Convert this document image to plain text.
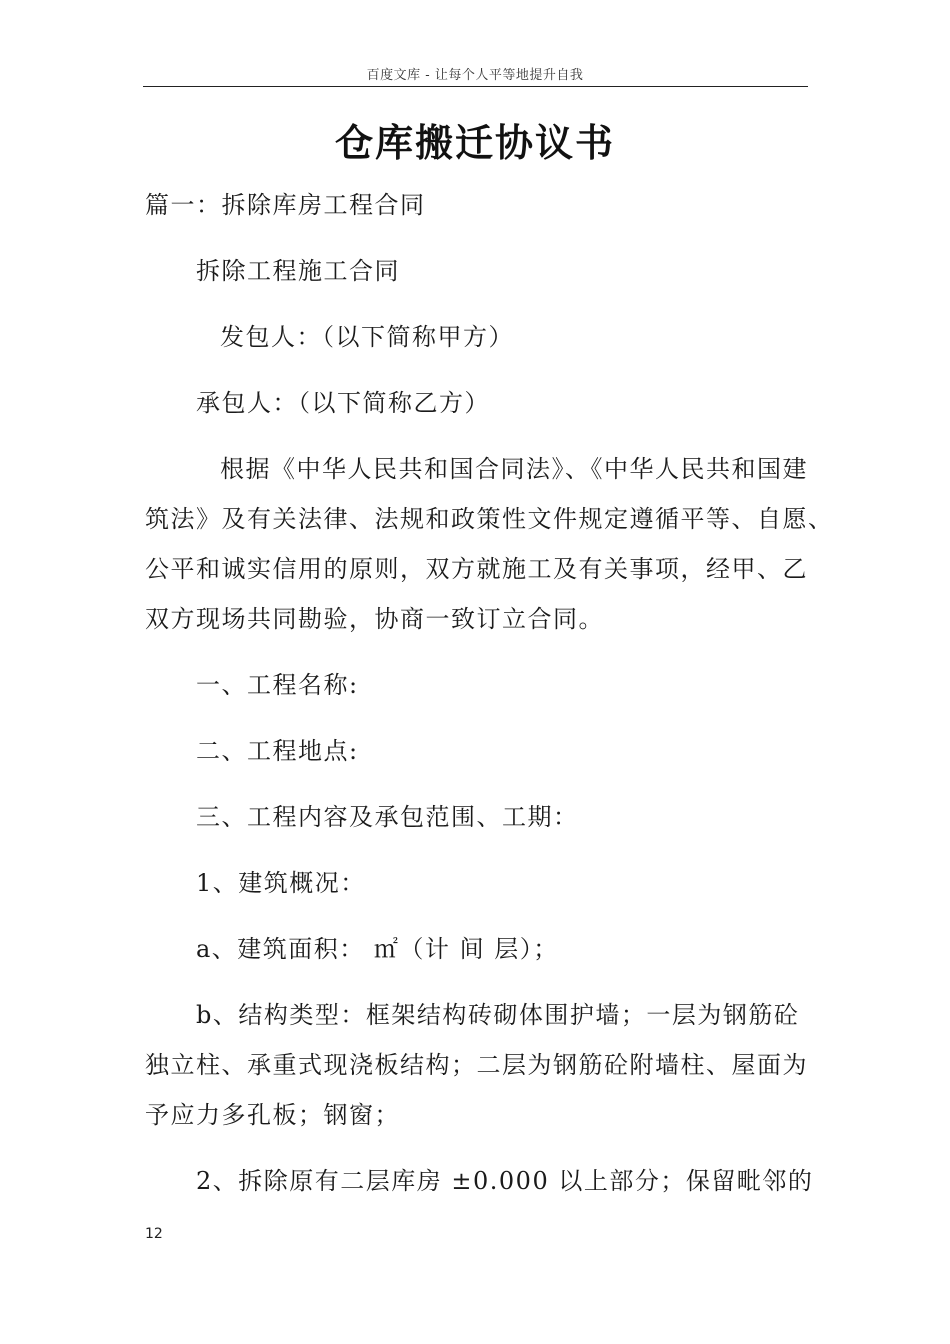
百度文库 - 让每个人平等地提升自我
仓库搬迁协议书
篇一：拆除库房工程合同
拆除工程施工合同
发包人：（以下简称甲方）
承包人：（以下简称乙方）
根据《中华人民共和国合同法》、《中华人民共和国建
筑法》及有关法律、法规和政策性文件规定遵循平等、自愿、
公平和诚实信用的原则，双方就施工及有关事项，经甲、乙
双方现场共同勘验，协商一致订立合同。
一、工程名称:
二、工程地点:
三、工程内容及承包范围、工期：
1、建筑概况：
a、建筑面积： ㎡（计 间 层）；
b、结构类型：框架结构砖砌体围护墙；一层为钢筋砼
独立柱、承重式现浇板结构；二层为钢筋砼附墙柱、屋面为
予应力多孔板；钢窗；
2、拆除原有二层库房 ±0.000 以上部分；保留毗邻的
12
